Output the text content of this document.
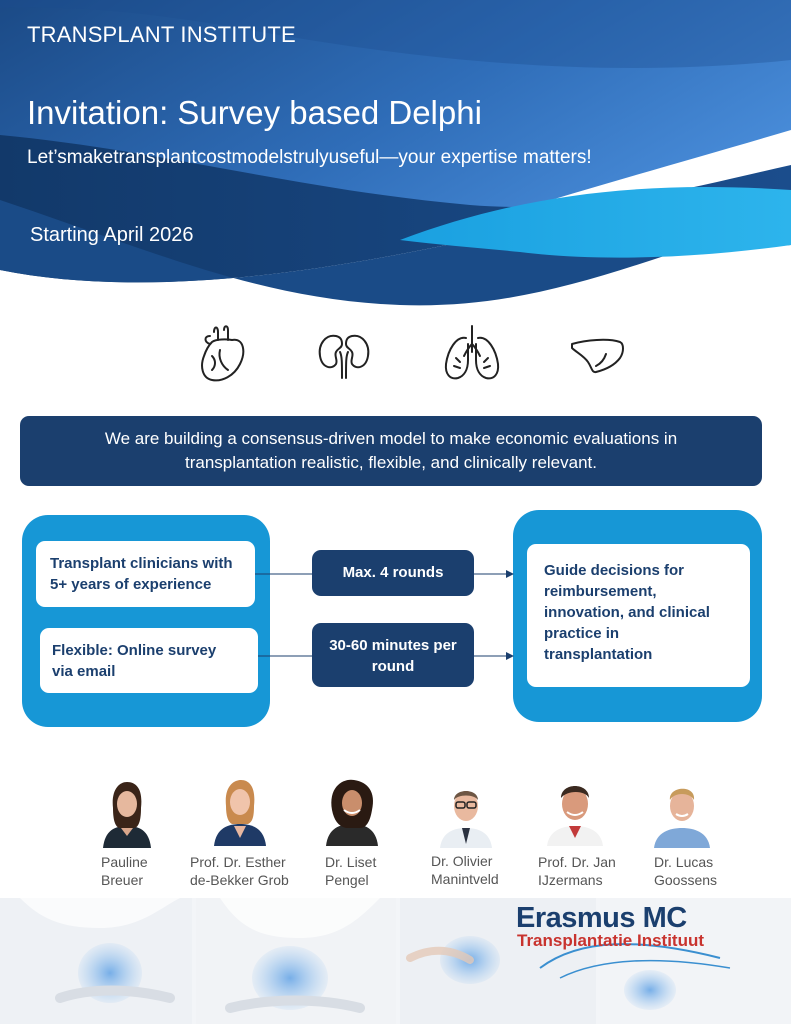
TRANSPLANT INSTITUTE
Invitation: Survey based Delphi
Let’smaketransplantcostmodelstrulyuseful—your expertise matters!
Starting April 2026
We are building a consensus-driven model to make economic evaluations in
transplantation realistic, flexible, and clinically relevant.
Transplant clinicians with
5+ years of experience
Flexible: Online survey
via email
Max. 4 rounds
30-60 minutes per
round
Guide decisions for
reimbursement,
innovation, and clinical
practice in
transplantation
Pauline
Breuer
Prof. Dr. Esther
de-Bekker Grob
Dr. Liset
Pengel
Dr. Olivier
Manintveld
Prof. Dr. Jan
IJzermans
Dr. Lucas
Goossens
Erasmus MC
Transplantatie Instituut
